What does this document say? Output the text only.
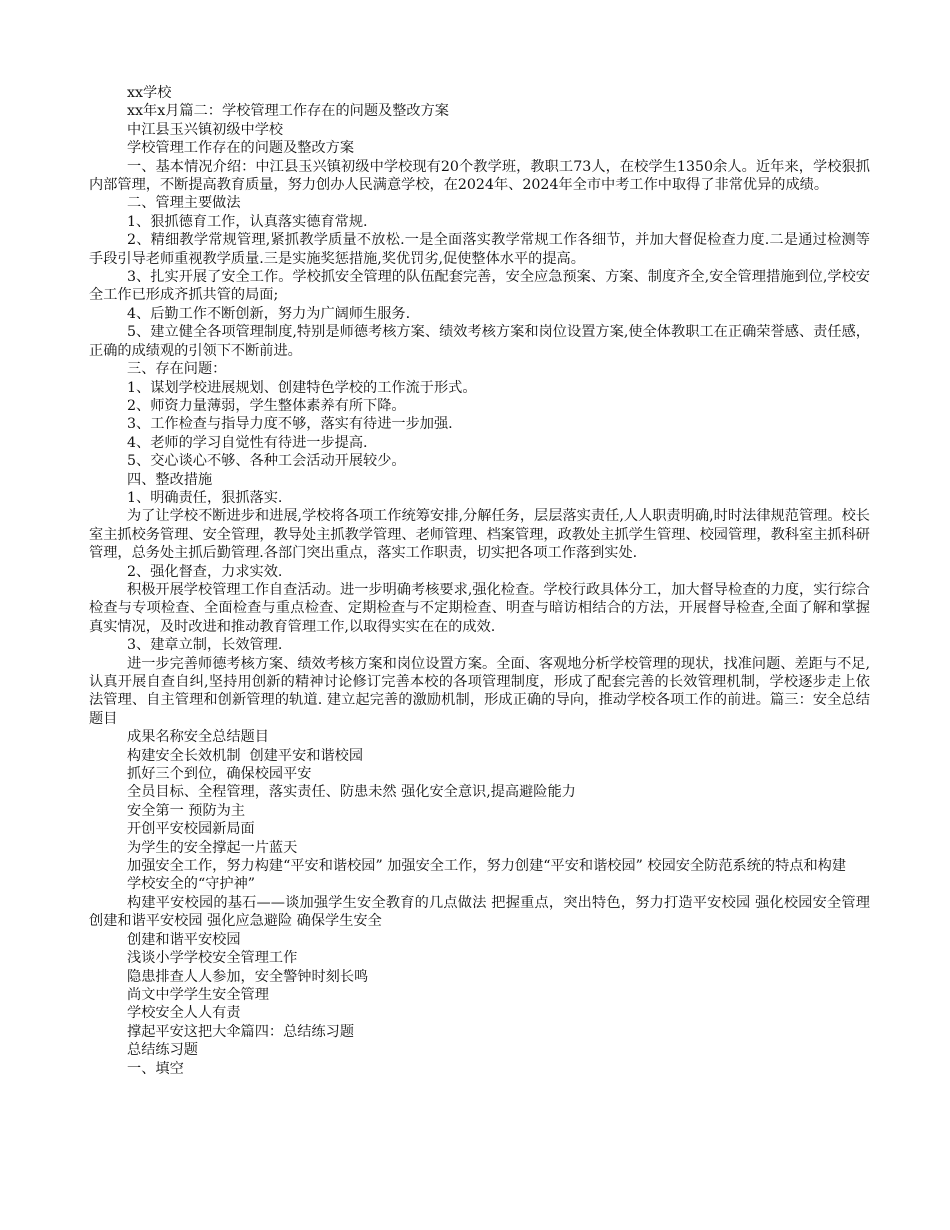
xx学校

xx年x月篇二：学校管理工作存在的问题及整改方案

中江县玉兴镇初级中学校

学校管理工作存在的问题及整改方案

一、基本情况介绍：中江县玉兴镇初级中学校现有20个教学班，教职工73人，在校学生1350余人。近年来，学校狠抓内部管理，不断提高教育质量，努力创办人民满意学校，在2024年、2024年全市中考工作中取得了非常优异的成绩。

二、管理主要做法

1、狠抓德育工作，认真落实德育常规.

2、精细教学常规管理,紧抓教学质量不放松.一是全面落实教学常规工作各细节，并加大督促检查力度.二是通过检测等手段引导老师重视教学质量.三是实施奖惩措施,奖优罚劣,促使整体水平的提高。

3、扎实开展了安全工作。学校抓安全管理的队伍配套完善，安全应急预案、方案、制度齐全,安全管理措施到位,学校安全工作已形成齐抓共管的局面;

4、后勤工作不断创新，努力为广阔师生服务.

5、建立健全各项管理制度,特别是师德考核方案、绩效考核方案和岗位设置方案,使全体教职工在正确荣誉感、责任感，正确的成绩观的引领下不断前进。

三、存在问题：

1、谋划学校进展规划、创建特色学校的工作流于形式。

2、师资力量薄弱，学生整体素养有所下降。

3、工作检查与指导力度不够，落实有待进一步加强.

4、老师的学习自觉性有待进一步提高.

5、交心谈心不够、各种工会活动开展较少。

四、整改措施

1、明确责任，狠抓落实.

为了让学校不断进步和进展,学校将各项工作统筹安排,分解任务，层层落实责任,人人职责明确,时时法律规范管理。校长室主抓校务管理、安全管理，教导处主抓教学管理、老师管理、档案管理，政教处主抓学生管理、校园管理，教科室主抓科研管理，总务处主抓后勤管理.各部门突出重点，落实工作职责，切实把各项工作落到实处.

2、强化督查，力求实效.

积极开展学校管理工作自查活动。进一步明确考核要求,强化检查。学校行政具体分工，加大督导检查的力度，实行综合检查与专项检查、全面检查与重点检查、定期检查与不定期检查、明查与暗访相结合的方法，开展督导检查,全面了解和掌握真实情况，及时改进和推动教育管理工作,以取得实实在在的成效.

3、建章立制，长效管理.

进一步完善师德考核方案、绩效考核方案和岗位设置方案。全面、客观地分析学校管理的现状，找准问题、差距与不足,认真开展自查自纠,坚持用创新的精神讨论修订完善本校的各项管理制度，形成了配套完善的长效管理机制，学校逐步走上依法管理、自主管理和创新管理的轨道. 建立起完善的激励机制，形成正确的导向，推动学校各项工作的前进。篇三：安全总结题目

成果名称安全总结题目

构建安全长效机制  创建平安和谐校园

抓好三个到位，确保校园平安

全员目标、全程管理，落实责任、防患未然 强化安全意识,提高避险能力

安全第一 预防为主

开创平安校园新局面

为学生的安全撑起一片蓝天

加强安全工作，努力构建“平安和谐校园” 加强安全工作，努力创建“平安和谐校园” 校园安全防范系统的特点和构建

学校安全的“守护神”

构建平安校园的基石——谈加强学生安全教育的几点做法 把握重点，突出特色，努力打造平安校园 强化校园安全管理    创建和谐平安校园 强化应急避险 确保学生安全

创建和谐平安校园

浅谈小学学校安全管理工作

隐患排查人人参加，安全警钟时刻长鸣

尚文中学学生安全管理

学校安全人人有责

撑起平安这把大伞篇四：总结练习题

总结练习题

一、填空
